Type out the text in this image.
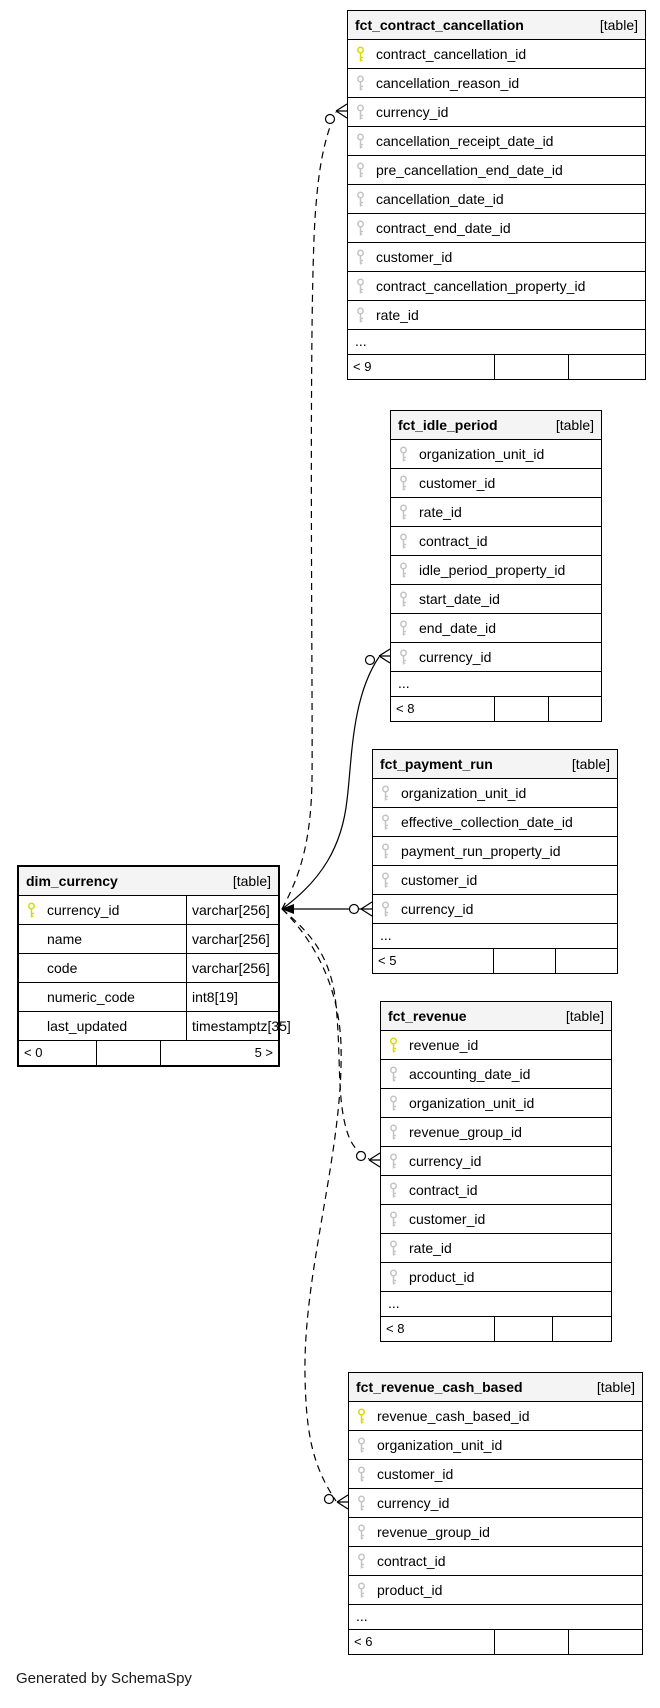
fct_contract_cancellation	[table]
contract_cancellation_id
cancellation_reason_id
currency_id
cancellation_receipt_date_id
pre_cancellation_end_date_id
cancellation_date_id
contract_end_date_id
customer_id
contract_cancellation_property_id
rate_id
...
< 9
fct_idle_period	[table]
organization_unit_id
customer_id
rate_id
contract_id
idle_period_property_id
start_date_id
end_date_id
currency_id
...
< 8
fct_payment_run	[table]
organization_unit_id
effective_collection_date_id
payment_run_property_id
customer_id
currency_id
...
< 5
dim_currency	[table]
currency_id	varchar[256]
name	varchar[256]
code	varchar[256]
numeric_code	int8[19]
last_updated	timestamptz[35]
< 0	5 >
fct_revenue	[table]
revenue_id
accounting_date_id
organization_unit_id
revenue_group_id
currency_id
contract_id
customer_id
rate_id
product_id
...
< 8
fct_revenue_cash_based	[table]
revenue_cash_based_id
organization_unit_id
customer_id
currency_id
revenue_group_id
contract_id
product_id
...
< 6
Generated by SchemaSpy
